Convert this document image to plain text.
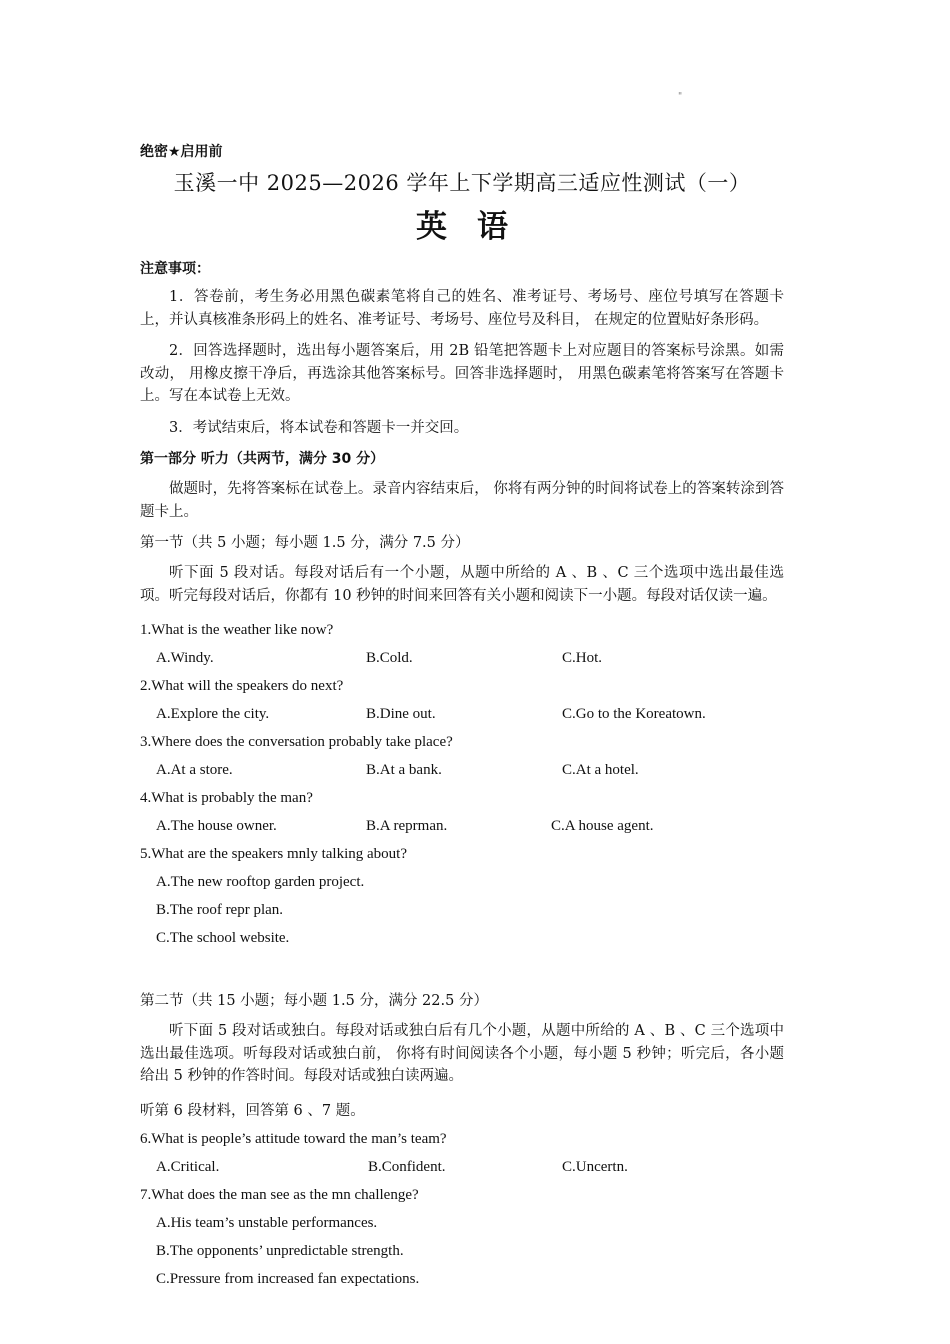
"
绝密★启用前
玉溪一中 2025—2026 学年上下学期高三适应性测试（一）
英语
注意事项：

1．答卷前，考生务必用黑色碳素笔将自己的姓名、准考证号、考场号、座位号填写在答题卡上，并认真核准条形码上的姓名、准考证号、考场号、座位号及科目， 在规定的位置贴好条形码。

2．回答选择题时，选出每小题答案后，用 2B 铅笔把答题卡上对应题目的答案标号涂黑。如需改动， 用橡皮擦干净后，再选涂其他答案标号。回答非选择题时， 用黑色碳素笔将答案写在答题卡上。写在本试卷上无效。

3．考试结束后，将本试卷和答题卡一并交回。

第一部分 听力（共两节，满分 30 分）

做题时，先将答案标在试卷上。录音内容结束后， 你将有两分钟的时间将试卷上的答案转涂到答题卡上。

第一节（共 5 小题；每小题 1.5 分，满分 7.5 分）

听下面 5 段对话。每段对话后有一个小题，从题中所给的 A 、B 、C 三个选项中选出最佳选项。听完每段对话后，你都有 10 秒钟的时间来回答有关小题和阅读下一小题。每段对话仅读一遍。

1.What is the weather like now?

A.Windy.	B.Cold.	C.Hot.

2.What will the speakers do next?

A.Explore the city.	B.Dine out.	C.Go to the Koreatown.

3.Where does the conversation probably take place?

A.At a store.	B.At a bank.	C.At a hotel.

4.What is probably the man?

A.The house owner.	B.A reprman.	C.A house agent.

5.What are the speakers mnly talking about?

A.The new rooftop garden project.
B.The roof repr plan.
C.The school website.
第二节（共 15 小题；每小题 1.5 分，满分 22.5 分）

听下面 5 段对话或独白。每段对话或独白后有几个小题，从题中所给的 A 、B 、C 三个选项中选出最佳选项。听每段对话或独白前， 你将有时间阅读各个小题，每小题 5 秒钟；听完后，各小题给出 5 秒钟的作答时间。每段对话或独白读两遍。

听第 6 段材料，回答第 6 、7 题。

6.What is people’s attitude toward the man’s team?

A.Critical.	B.Confident.	C.Uncertn.

7.What does the man see as the mn challenge?

A.His team’s unstable performances.
B.The opponents’ unpredictable strength.
C.Pressure from increased fan expectations.
